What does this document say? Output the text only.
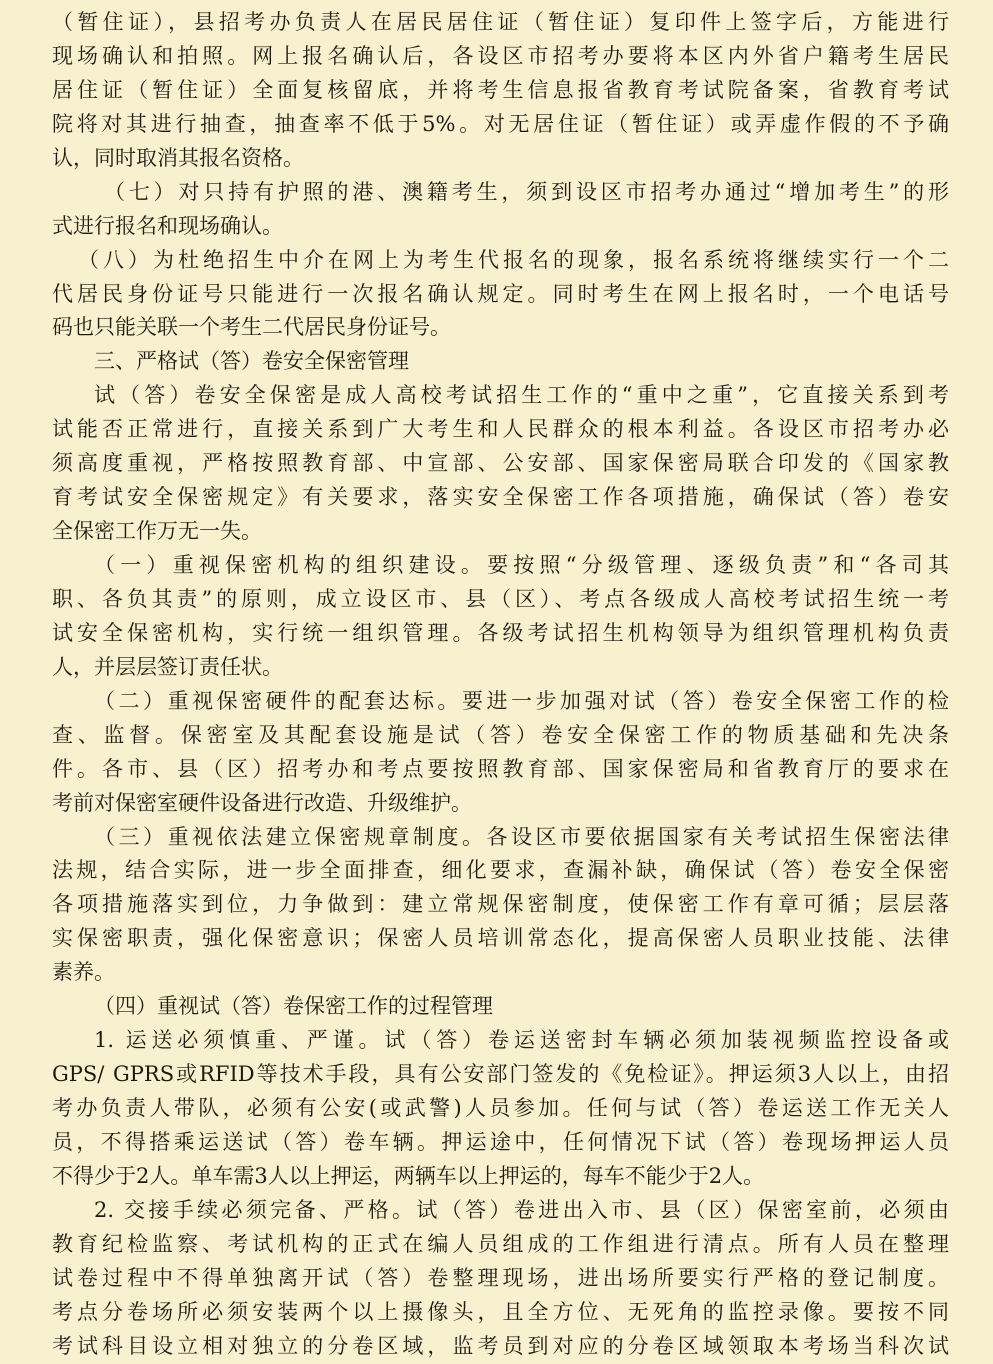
（暂住证），县招考办负责人在居民居住证（暂住证）复印件上签字后，方能进行
现场确认和拍照。网上报名确认后，各设区市招考办要将本区内外省户籍考生居民
居住证（暂住证）全面复核留底，并将考生信息报省教育考试院备案，省教育考试
院将对其进行抽查，抽查率不低于5%。对无居住证（暂住证）或弄虚作假的不予确
认，同时取消其报名资格。
（七）对只持有护照的港、澳籍考生，须到设区市招考办通过“增加考生”的形
式进行报名和现场确认。
（八）为杜绝招生中介在网上为考生代报名的现象，报名系统将继续实行一个二
代居民身份证号只能进行一次报名确认规定。同时考生在网上报名时，一个电话号
码也只能关联一个考生二代居民身份证号。
三、严格试（答）卷安全保密管理
试（答）卷安全保密是成人高校考试招生工作的“重中之重”，它直接关系到考
试能否正常进行，直接关系到广大考生和人民群众的根本利益。各设区市招考办必
须高度重视，严格按照教育部、中宣部、公安部、国家保密局联合印发的《国家教
育考试安全保密规定》有关要求，落实安全保密工作各项措施，确保试（答）卷安
全保密工作万无一失。
（一）重视保密机构的组织建设。要按照“分级管理、逐级负责”和“各司其
职、各负其责”的原则，成立设区市、县（区）、考点各级成人高校考试招生统一考
试安全保密机构，实行统一组织管理。各级考试招生机构领导为组织管理机构负责
人，并层层签订责任状。
（二）重视保密硬件的配套达标。要进一步加强对试（答）卷安全保密工作的检
查、监督。保密室及其配套设施是试（答）卷安全保密工作的物质基础和先决条
件。各市、县（区）招考办和考点要按照教育部、国家保密局和省教育厅的要求在
考前对保密室硬件设备进行改造、升级维护。
（三）重视依法建立保密规章制度。各设区市要依据国家有关考试招生保密法律
法规，结合实际，进一步全面排查，细化要求，查漏补缺，确保试（答）卷安全保密
各项措施落实到位，力争做到：建立常规保密制度，使保密工作有章可循；层层落
实保密职责，强化保密意识；保密人员培训常态化，提高保密人员职业技能、法律
素养。
（四）重视试（答）卷保密工作的过程管理
1. 运送必须慎重、严谨。试（答）卷运送密封车辆必须加装视频监控设备或
GPS/ GPRS或RFID等技术手段，具有公安部门签发的《免检证》。押运须3人以上，由招
考办负责人带队，必须有公安(或武警)人员参加。任何与试（答）卷运送工作无关人
员，不得搭乘运送试（答）卷车辆。押运途中，任何情况下试（答）卷现场押运人员
不得少于2人。单车需3人以上押运，两辆车以上押运的，每车不能少于2人。
2. 交接手续必须完备、严格。试（答）卷进出入市、县（区）保密室前，必须由
教育纪检监察、考试机构的正式在编人员组成的工作组进行清点。所有人员在整理
试卷过程中不得单独离开试（答）卷整理现场，进出场所要实行严格的登记制度。
考点分卷场所必须安装两个以上摄像头，且全方位、无死角的监控录像。要按不同
考试科目设立相对独立的分卷区域，监考员到对应的分卷区域领取本考场当科次试
